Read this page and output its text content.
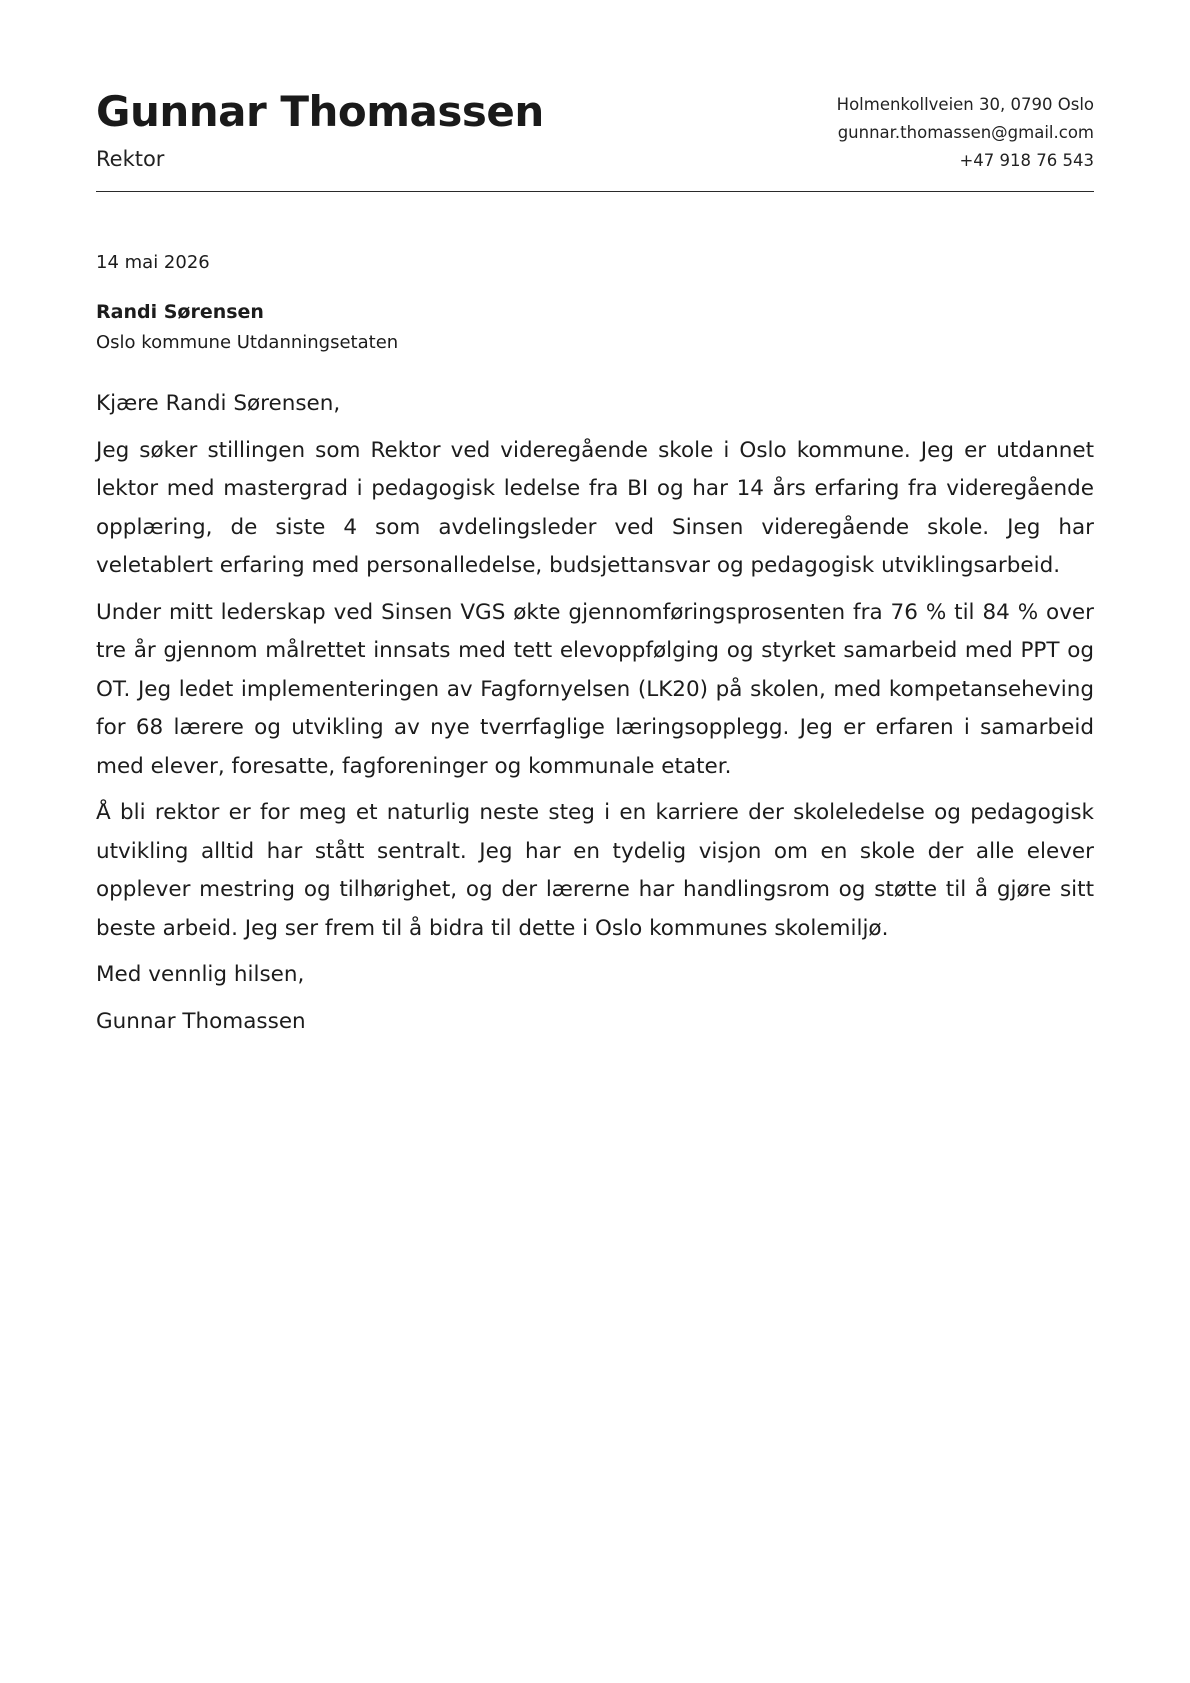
Gunnar Thomassen
Rektor
Holmenkollveien 30, 0790 Oslo
gunnar.thomassen@gmail.com
+47 918 76 543
14 mai 2026
Randi Sørensen
Oslo kommune Utdanningsetaten

Kjære Randi Sørensen,

Jeg søker stillingen som Rektor ved videregående skole i Oslo kommune. Jeg er utdannet lektor med mastergrad i pedagogisk ledelse fra BI og har 14 års erfaring fra videregående opplæring, de siste 4 som avdelingsleder ved Sinsen videregående skole. Jeg har veletablert erfaring med personalledelse, budsjettansvar og pedagogisk utviklingsarbeid.

Under mitt lederskap ved Sinsen VGS økte gjennomføringsprosenten fra 76 % til 84 % over tre år gjennom målrettet innsats med tett elevoppfølging og styrket samarbeid med PPT og OT. Jeg ledet implementeringen av Fagfornyelsen (LK20) på skolen, med kompetanseheving for 68 lærere og utvikling av nye tverrfaglige læringsopplegg. Jeg er erfaren i samarbeid med elever, foresatte, fagforeninger og kommunale etater.

Å bli rektor er for meg et naturlig neste steg i en karriere der skoleledelse og pedagogisk utvikling alltid har stått sentralt. Jeg har en tydelig visjon om en skole der alle elever opplever mestring og tilhørighet, og der lærerne har handlingsrom og støtte til å gjøre sitt beste arbeid. Jeg ser frem til å bidra til dette i Oslo kommunes skolemiljø.

Med vennlig hilsen,

Gunnar Thomassen
